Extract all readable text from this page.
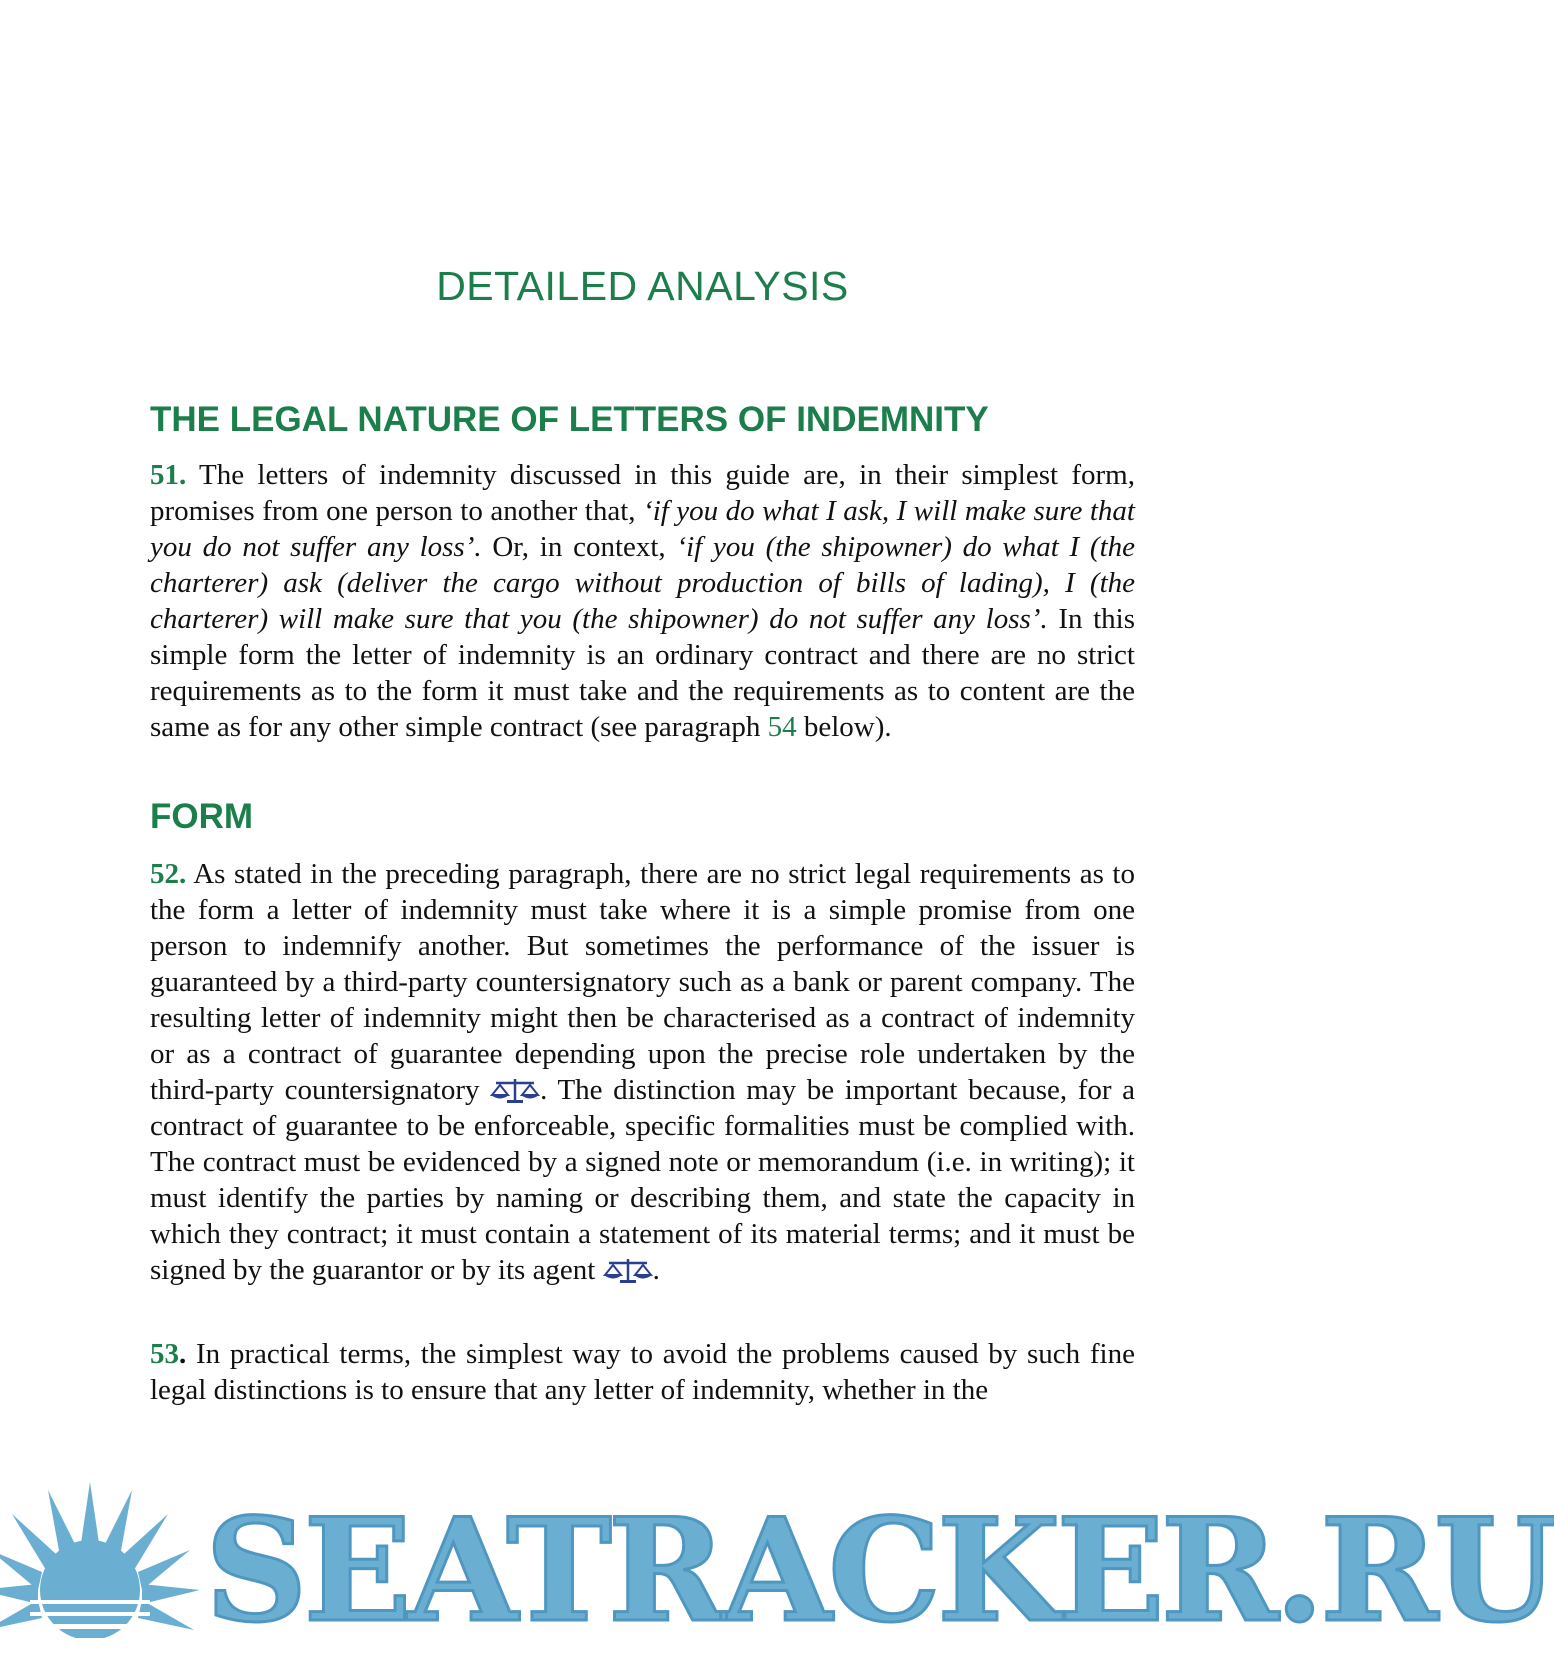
DETAILED ANALYSIS
THE LEGAL NATURE OF LETTERS OF INDEMNITY

51. The letters of indemnity discussed in this guide are, in their simplest form, promises from one person to another that, ‘if you do what I ask, I will make sure that you do not suffer any loss’. Or, in context, ‘if you (the shipowner) do what I (the charterer) ask (deliver the cargo without production of bills of lading), I (the charterer) will make sure that you (the shipowner) do not suffer any loss’. In this simple form the letter of indemnity is an ordinary contract and there are no strict requirements as to the form it must take and the requirements as to content are the same as for any other simple contract (see paragraph 54 below).

FORM

52. As stated in the preceding paragraph, there are no strict legal requirements as to the form a letter of indemnity must take where it is a simple promise from one person to indemnify another. But sometimes the performance of the issuer is guaranteed by a third-party countersignatory such as a bank or parent company. The resulting letter of indemnity might then be characterised as a contract of indemnity or as a contract of guarantee depending upon the precise role undertaken by the third-party countersignatory . The distinction may be important because, for a contract of guarantee to be enforceable, specific formalities must be complied with. The contract must be evidenced by a signed note or memorandum (i.e. in writing); it must identify the parties by naming or describing them, and state the capacity in which they contract; it must contain a statement of its material terms; and it must be signed by the guarantor or by its agent .

53. In practical terms, the simplest way to avoid the problems caused by such fine legal distinctions is to ensure that any letter of indemnity, whether in the

SEATRACKER.RU
